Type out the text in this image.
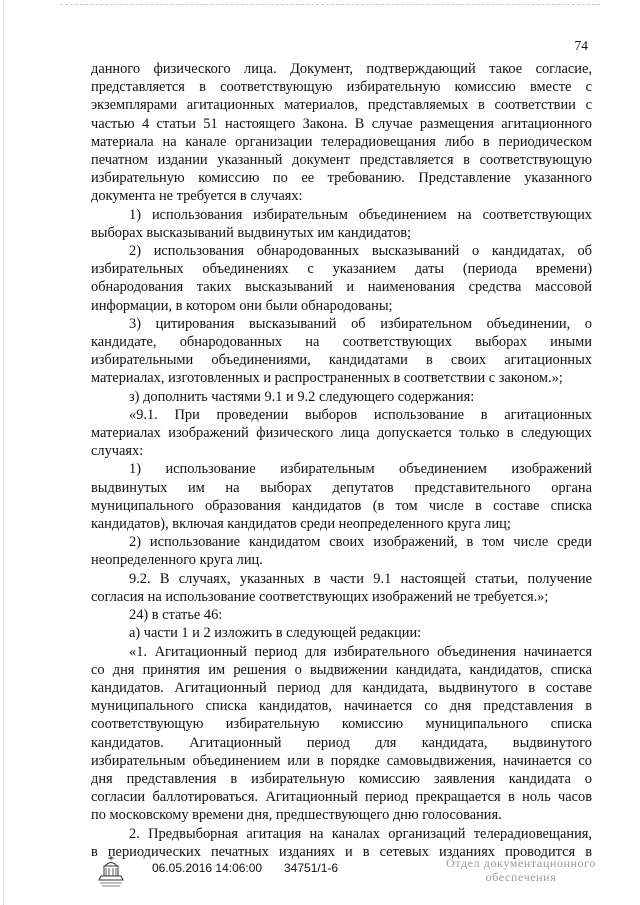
74

данного физического лица. Документ, подтверждающий такое согласие,

представляется в соответствующую избирательную комиссию вместе с

экземплярами агитационных материалов, представляемых в соответствии с

частью 4 статьи 51 настоящего Закона. В случае размещения агитационного

материала на канале организации телерадиовещания либо в периодическом

печатном издании указанный документ представляется в соответствующую

избирательную комиссию по ее требованию. Представление указанного

документа не требуется в случаях:

1) использования избирательным объединением на соответствующих

выборах высказываний выдвинутых им кандидатов;

2) использования обнародованных высказываний о кандидатах, об

избирательных объединениях с указанием даты (периода времени)

обнародования таких высказываний и наименования средства массовой

информации, в котором они были обнародованы;

3) цитирования высказываний об избирательном объединении, о

кандидате, обнародованных на соответствующих выборах иными

избирательными объединениями, кандидатами в своих агитационных

материалах, изготовленных и распространенных в соответствии с законом.»;

з) дополнить частями 9.1 и 9.2 следующего содержания:

«9.1. При проведении выборов использование в агитационных

материалах изображений физического лица допускается только в следующих

случаях:

1) использование избирательным объединением изображений

выдвинутых им на выборах депутатов представительного органа

муниципального образования кандидатов (в том числе в составе списка

кандидатов), включая кандидатов среди неопределенного круга лиц;

2) использование кандидатом своих изображений, в том числе среди

неопределенного круга лиц.

9.2. В случаях, указанных в части 9.1 настоящей статьи, получение

согласия на использование соответствующих изображений не требуется.»;

24) в статье 46:

а) части 1 и 2 изложить в следующей редакции:

«1. Агитационный период для избирательного объединения начинается

со дня принятия им решения о выдвижении кандидата, кандидатов, списка

кандидатов. Агитационный период для кандидата, выдвинутого в составе

муниципального списка кандидатов, начинается со дня представления в

соответствующую избирательную комиссию муниципального списка

кандидатов. Агитационный период для кандидата, выдвинутого

избирательным объединением или в порядке самовыдвижения, начинается со

дня представления в избирательную комиссию заявления кандидата о

согласии баллотироваться. Агитационный период прекращается в ноль часов

по московскому времени дня, предшествующего дню голосования.

2. Предвыборная агитация на каналах организаций телерадиовещания,

в периодических печатных изданиях и в сетевых изданиях проводится в

06.05.2016 14:06:00 34751/1-6	Отдел документационного
обеспечения
